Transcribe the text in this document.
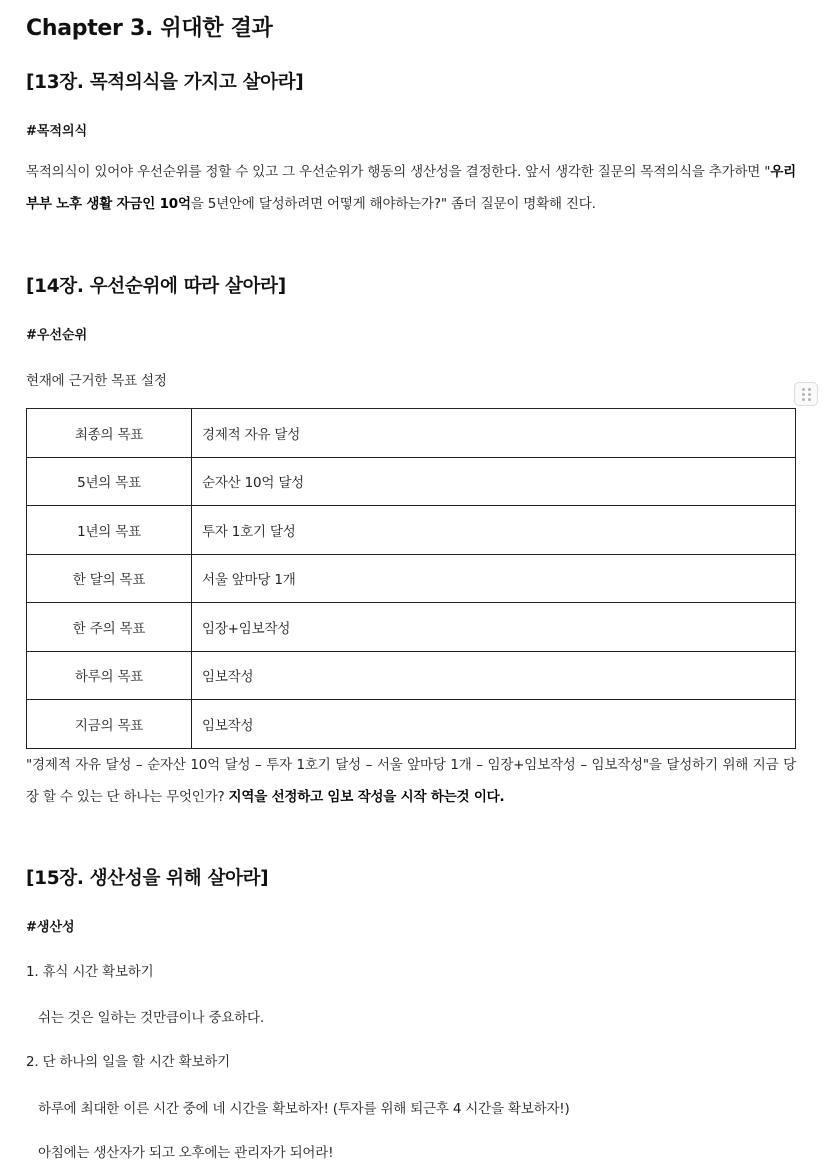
Chapter 3. 위대한 결과
[13장. 목적의식을 가지고 살아라]
#목적의식
목적의식이 있어야 우선순위를 정할 수 있고 그 우선순위가 행동의 생산성을 결정한다. 앞서 생각한 질문의 목적의식을 추가하면 "우리 부부 노후 생활 자금인 10억을 5년안에 달성하려면 어떻게 해야하는가?" 좀더 질문이 명확해 진다.
[14장. 우선순위에 따라 살아라]
#우선순위
현재에 근거한 목표 설정
최종의 목표	경제적 자유 달성
5년의 목표	순자산 10억 달성
1년의 목표	투자 1호기 달성
한 달의 목표	서울 앞마당 1개
한 주의 목표	임장+임보작성
하루의 목표	임보작성
지금의 목표	임보작성
"경제적 자유 달성 – 순자산 10억 달성 – 투자 1호기 달성 – 서울 앞마당 1개 – 임장+임보작성 – 임보작성"을 달성하기 위해 지금 당장 할 수 있는 단 하나는 무엇인가? 지역을 선정하고 임보 작성을 시작 하는것 이다.
[15장. 생산성을 위해 살아라]
#생산성
1. 휴식 시간 확보하기
쉬는 것은 일하는 것만큼이나 중요하다.
2. 단 하나의 일을 할 시간 확보하기
하루에 최대한 이른 시간 중에 네 시간을 확보하자! (투자를 위해 퇴근후 4 시간을 확보하자!)
아침에는 생산자가 되고 오후에는 관리자가 되어라!
